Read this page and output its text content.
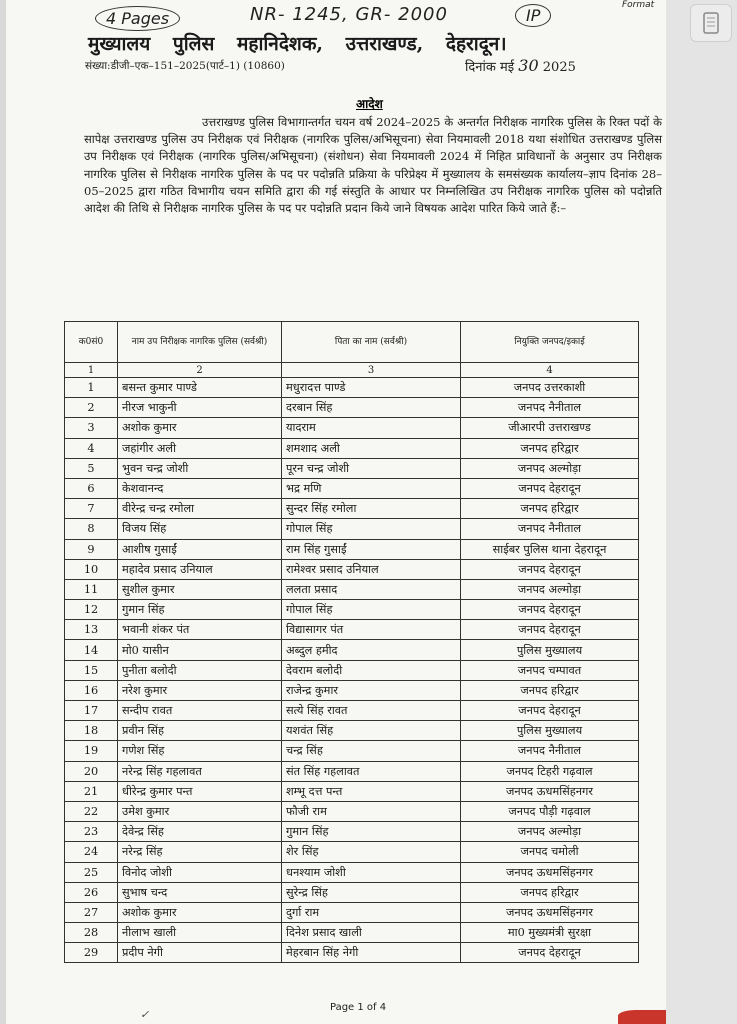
4 Pages	NR- 1245, GR- 2000	IP
Format
मुख्यालय पुलिस महानिदेशक, उत्तराखण्ड, देहरादून।
संख्या:डीजी–एक–151–2025(पार्ट–1) (10860)	दिनांक मई 30 2025
आदेश
उत्तराखण्ड पुलिस विभागान्तर्गत चयन वर्ष 2024–2025 के अन्तर्गत निरीक्षक नागरिक पुलिस के रिक्त पदों के सापेक्ष उत्तराखण्ड पुलिस उप निरीक्षक एवं निरीक्षक (नागरिक पुलिस/अभिसूचना) सेवा नियमावली 2018 यथा संशोधित उत्तराखण्ड पुलिस उप निरीक्षक एवं निरीक्षक (नागरिक पुलिस/अभिसूचना) (संशोधन) सेवा नियमावली 2024 में निहित प्राविधानों के अनुसार उप निरीक्षक नागरिक पुलिस से निरीक्षक नागरिक पुलिस के पद पर पदोन्नति प्रक्रिया के परिप्रेक्ष्य में मुख्यालय के समसंख्यक कार्यालय–ज्ञाप दिनांक 28–05–2025 द्वारा गठित विभागीय चयन समिति द्वारा की गई संस्तुति के आधार पर निम्नलिखित उप निरीक्षक नागरिक पुलिस को पदोन्नति आदेश की तिथि से निरीक्षक नागरिक पुलिस के पद पर पदोन्नति प्रदान किये जाने विषयक आदेश पारित किये जाते हैं:–
क0सं0	नाम उप निरीक्षक नागरिक पुलिस (सर्वश्री)	पिता का नाम (सर्वश्री)	नियुक्ति जनपद/इकाई
1	2	3	4
1	बसन्त कुमार पाण्डे	मधुरादत्त पाण्डे	जनपद उत्तरकाशी
2	नीरज भाकुनी	दरबान सिंह	जनपद नैनीताल
3	अशोक कुमार	यादराम	जीआरपी उत्तराखण्ड
4	जहांगीर अली	शमशाद अली	जनपद हरिद्वार
5	भुवन चन्द्र जोशी	पूरन चन्द्र जोशी	जनपद अल्मोड़ा
6	केशवानन्द	भद्र मणि	जनपद देहरादून
7	वीरेन्द्र चन्द्र रमोला	सुन्दर सिंह रमोला	जनपद हरिद्वार
8	विजय सिंह	गोपाल सिंह	जनपद नैनीताल
9	आशीष गुसाईं	राम सिंह गुसाईं	साईबर पुलिस थाना देहरादून
10	महादेव प्रसाद उनियाल	रामेश्वर प्रसाद उनियाल	जनपद देहरादून
11	सुशील कुमार	ललता प्रसाद	जनपद अल्मोड़ा
12	गुमान सिंह	गोपाल सिंह	जनपद देहरादून
13	भवानी शंकर पंत	विद्यासागर पंत	जनपद देहरादून
14	मो0 यासीन	अब्दुल हमीद	पुलिस मुख्यालय
15	पुनीता बलोदी	देवराम बलोदी	जनपद चम्पावत
16	नरेश कुमार	राजेन्द्र कुमार	जनपद हरिद्वार
17	सन्दीप रावत	सत्ये सिंह रावत	जनपद देहरादून
18	प्रवीन सिंह	यशवंत सिंह	पुलिस मुख्यालय
19	गणेश सिंह	चन्द्र सिंह	जनपद नैनीताल
20	नरेन्द्र सिंह गहलावत	संत सिंह गहलावत	जनपद टिहरी गढ़वाल
21	धीरेन्द्र कुमार पन्त	शम्भू दत्त पन्त	जनपद ऊधमसिंहनगर
22	उमेश कुमार	फौजी राम	जनपद पौड़ी गढ़वाल
23	देवेन्द्र सिंह	गुमान सिंह	जनपद अल्मोड़ा
24	नरेन्द्र सिंह	शेर सिंह	जनपद चमोली
25	विनोद जोशी	धनश्याम जोशी	जनपद ऊधमसिंहनगर
26	सुभाष चन्द	सुरेन्द्र सिंह	जनपद हरिद्वार
27	अशोक कुमार	दुर्गा राम	जनपद ऊधमसिंहनगर
28	नीलाभ खाली	दिनेश प्रसाद खाली	मा0 मुख्यमंत्री सुरक्षा
29	प्रदीप नेगी	मेहरबान सिंह नेगी	जनपद देहरादून
Page 1 of 4
✓
